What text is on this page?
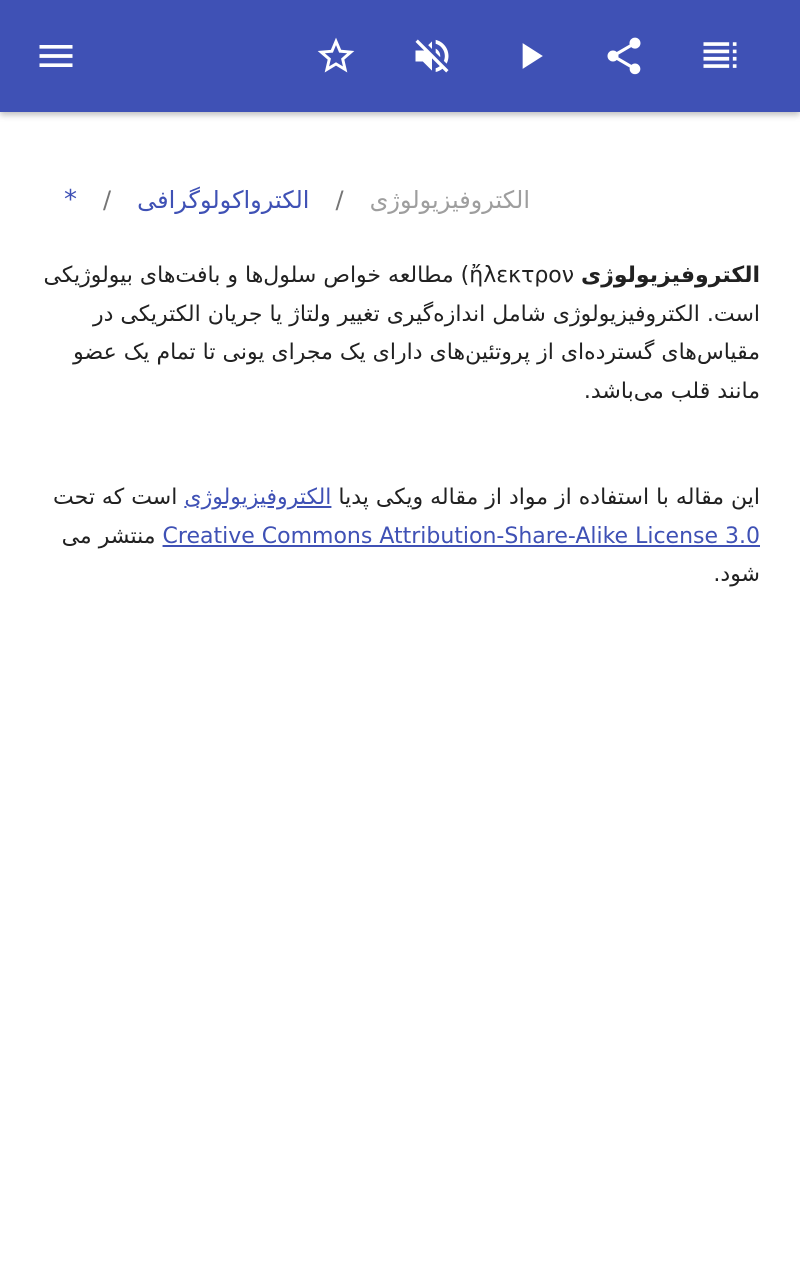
الکتروفیزیولوژی/الکترواکولوگرافی/*
الکتروفیزیولوژی (ἤλεκτρον مطالعه خواص سلول‌ها و بافت‌های بیولوژیکی است. الکتروفیزیولوژی شامل اندازه‌گیری تغییر ولتاژ یا جریان الکتریکی در مقیاس‌های گسترده‌ای از پروتئین‌های دارای یک مجرای یونی تا تمام یک عضو مانند قلب می‌باشد.
این مقاله با استفاده از مواد از مقاله ویکی پدیا الکتروفیزیولوژی است که تحت Creative Commons Attribution-Share-Alike License 3.0 منتشر می شود.
